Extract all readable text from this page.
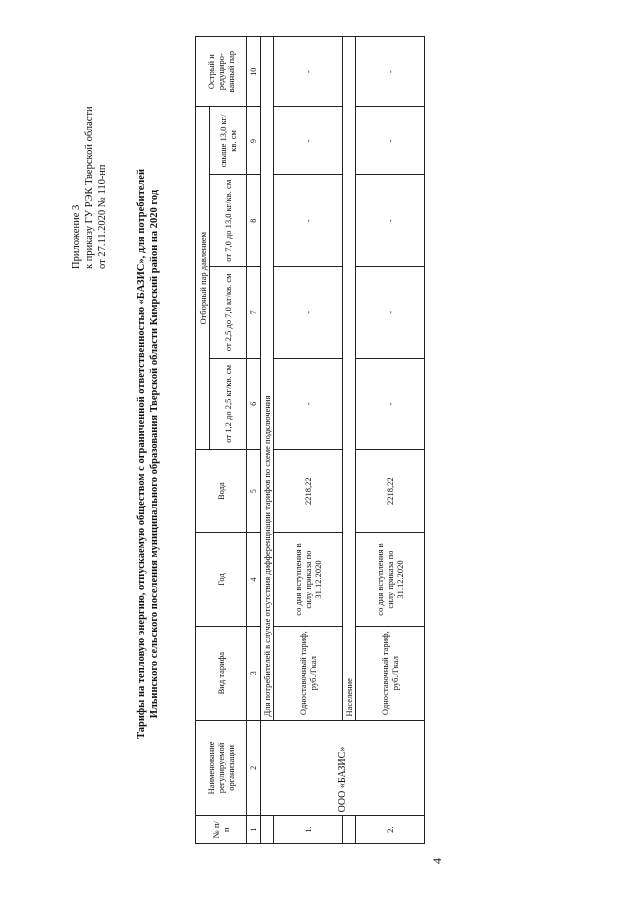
4
Приложение 3 к приказу ГУ РЭК Тверской области от 27.11.2020 № 110-нп	Тарифы на тепловую энергию, отпускаемую обществом с ограниченной ответственностью «БАЗИС», для потребителей Ильинского сельского поселения муниципального образования Тверской области Кимрский район на 2020 год
№ п/п	Наименование регулируемой организации	Вид тарифа	Год	Вода	Отборный пар давлением				Острый и редуциро-ванный пар
					от 1,2 до 2,5 кг/кв. см	от 2,5 до 7,0 кг/кв. см	от 7,0 до 13,0 кг/кв. см	свыше 13,0 кг/кв. см	
1	2	3	4	5	6	7	8	9	10
	ООО «БАЗИС»	Для потребителей в случае отсутствия дифференциации тарифов по схеме подключения							
1.		Одноставочный тариф, руб./Гкал	со дня вступления в силу приказа по 31.12.2020	2218,22	-	-	-	-	-
		Население							
2.		Одноставочный тариф, руб./Гкал	со дня вступления в силу приказа по 31.12.2020	2218,22	-	-	-	-	-
